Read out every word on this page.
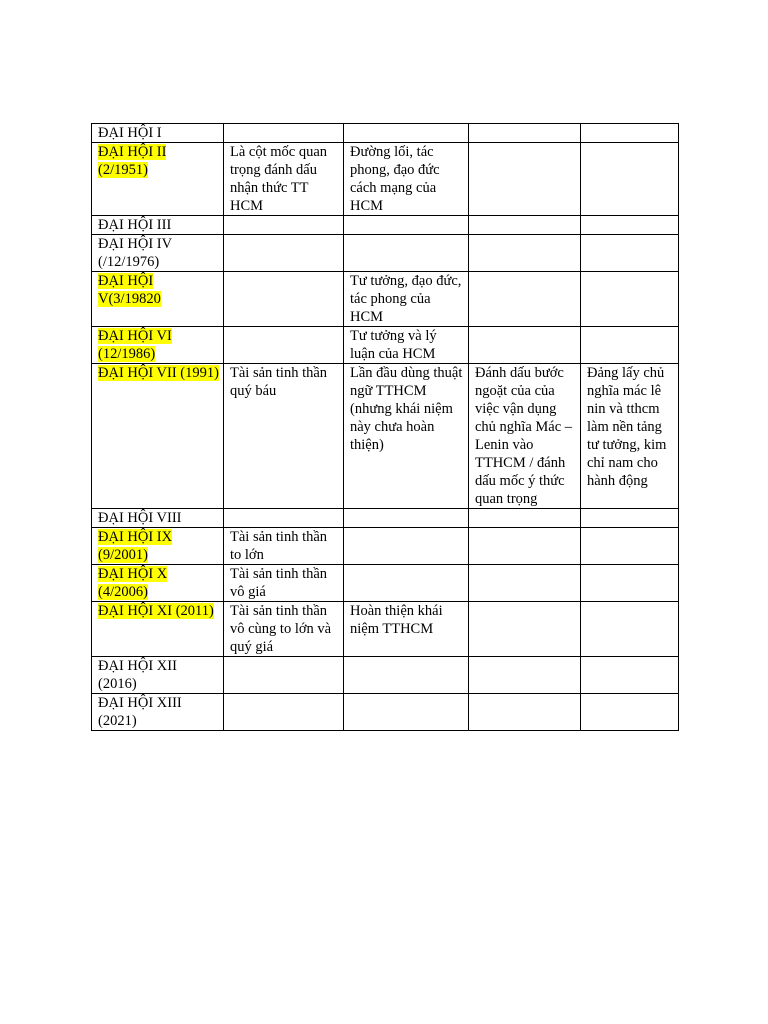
ĐẠI HỘI I				
ĐẠI HỘI II (2/1951)	Là cột mốc quan trọng đánh dấu nhận thức TT HCM	Đường lối, tác phong, đạo đức cách mạng của HCM		
ĐẠI HỘI III				
ĐẠI HỘI IV (/12/1976)				
ĐẠI HỘI V(3/19820		Tư tưởng, đạo đức, tác phong của HCM		
ĐẠI HỘI VI (12/1986)		Tư tưởng và lý luận của HCM		
ĐẠI HỘI VII (1991)	Tài sản tinh thần quý báu	Lần đầu dùng thuật ngữ TTHCM (nhưng khái niệm này chưa hoàn thiện)	Đánh dấu bước ngoặt của của việc vận dụng chủ nghĩa Mác – Lenin vào TTHCM / đánh dấu mốc ý thức quan trọng	Đảng lấy chủ nghĩa mác lê nin và tthcm làm nền tảng tư tưởng, kim chỉ nam cho hành động
ĐẠI HỘI VIII				
ĐẠI HỘI IX (9/2001)	Tài sản tinh thần to lớn			
ĐẠI HỘI X (4/2006)	Tài sản tinh thần vô giá			
ĐẠI HỘI XI (2011)	Tài sản tinh thần vô cùng to lớn và quý giá	Hoàn thiện khái niệm TTHCM		
ĐẠI HỘI XII (2016)				
ĐẠI HỘI XIII (2021)				
